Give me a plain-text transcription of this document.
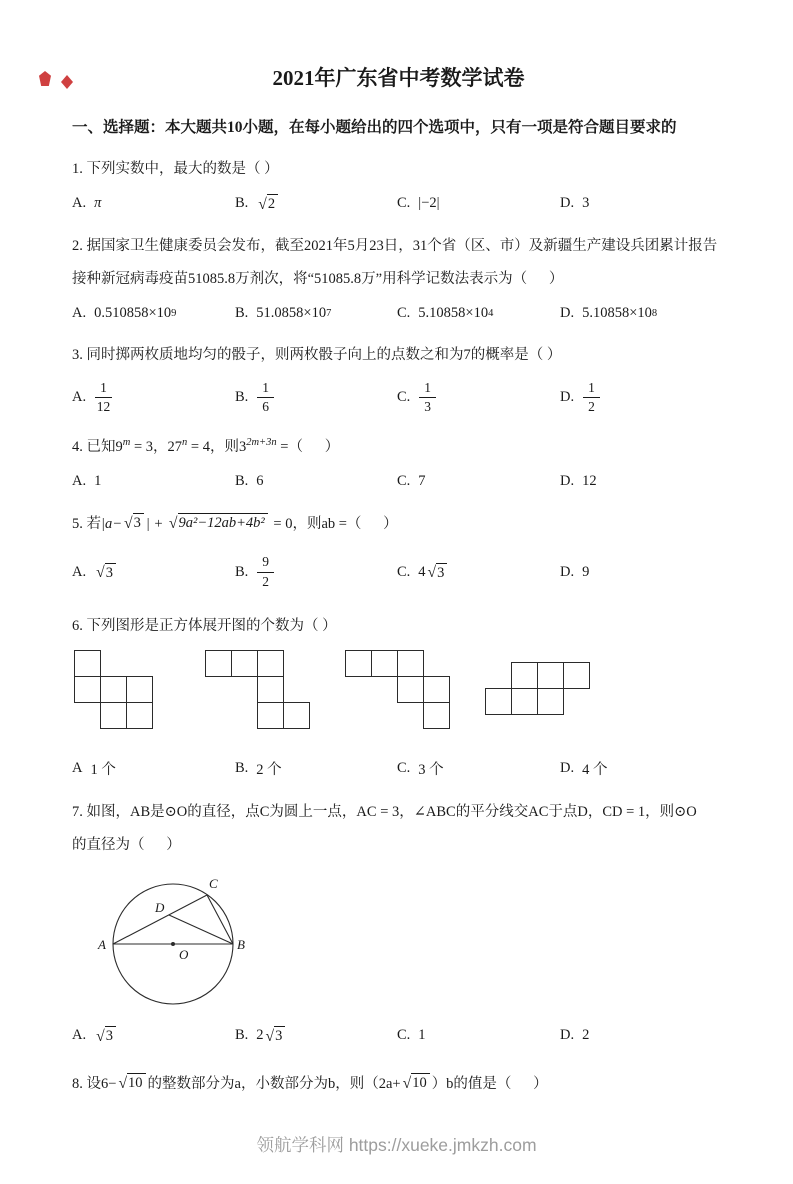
2021年广东省中考数学试卷
一、选择题：本大题共10小题，在每小题给出的四个选项中，只有一项是符合题目要求的

1. 下列实数中，最大的数是（ ）

A. π	B. √ 2	C. |−2|	D. 3

2. 据国家卫生健康委员会发布，截至2021年5月23日，31个省（区、市）及新疆生产建设兵团累计报告
接种新冠病毒疫苗51085.8万剂次，将“51085.8万”用科学记数法表示为（      ）

A. 0.510858×10 9	B. 51.0858×10 7	C. 5.10858×10 4	D. 5.10858×10 8

3. 同时掷两枚质地均匀的骰子，则两枚骰子向上的点数之和为7的概率是（ ）

A. $\frac{1}{12}$	B. $\frac{1}{6}$	C. $\frac{1}{3}$	D. $\frac{1}{2}$

4. 已知$9^m = 3$，$27^n = 4$，则$3^{2m+3n}$ =（      ）

A. 1	B. 6	C. 7	D. 12

5. 若|a− √ 3 | + √ 9a²−12ab+4b² = 0，则ab =（      ）

A. √ 3	B. $\frac{9}{2}$	C. 4 √ 3	D. 9

6. 下列图形是正方体展开图的个数为（ ）

A 1 个	B. 2 个	C. 3 个	D. 4 个

7. 如图，AB是⊙O的直径，点C为圆上一点，AC = 3，∠ABC的平分线交AC于点D，CD = 1，则⊙O
的直径为（      ）

A	B
C
D
O
A. √ 3	B. 2 √ 3	C. 1	D. 2

8. 设6− √ 10 的整数部分为a，小数部分为b，则（2a+ √ 10 ）b的值是（      ）

领航学科网 https://xueke.jmkzh.com
